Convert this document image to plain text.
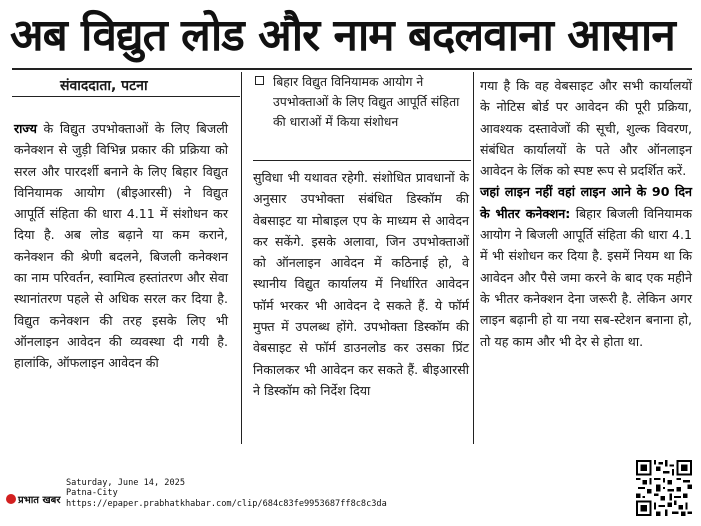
अब विद्युत लोड और नाम बदलवाना आसान
संवाददाता, पटना	बिहार विद्युत विनियामक आयोग ने उपभोक्ताओं के लिए विद्युत आपूर्ति संहिता की धाराओं में किया संशोधन

राज्य के विद्युत उपभोक्ताओं के लिए बिजली कनेक्शन से जुड़ी विभिन्न प्रकार की प्रक्रिया को सरल और पारदर्शी बनाने के लिए बिहार विद्युत विनियामक आयोग (बीइआरसी) ने विद्युत आपूर्ति संहिता की धारा 4.11 में संशोधन कर दिया है. अब लोड बढ़ाने या कम कराने, कनेक्शन की श्रेणी बदलने, बिजली कनेक्शन का नाम परिवर्तन, स्वामित्व हस्तांतरण और सेवा स्थानांतरण पहले से अधिक सरल कर दिया है. विद्युत कनेक्शन की तरह इसके लिए भी ऑनलाइन आवेदन की व्यवस्था दी गयी है. हालांकि, ऑफलाइन आवेदन की

सुविधा भी यथावत रहेगी. संशोधित प्रावधानों के अनुसार उपभोक्ता संबंधित डिस्कॉम की वेबसाइट या मोबाइल एप के माध्यम से आवेदन कर सकेंगे. इसके अलावा, जिन उपभोक्ताओं को ऑनलाइन आवेदन में कठिनाई हो, वे स्थानीय विद्युत कार्यालय में निर्धारित आवेदन फॉर्म भरकर भी आवेदन दे सकते हैं. ये फॉर्म मुफ्त में उपलब्ध होंगे. उपभोक्ता डिस्कॉम की वेबसाइट से फॉर्म डाउनलोड कर उसका प्रिंट निकालकर भी आवेदन कर सकते हैं. बीइआरसी ने डिस्कॉम को निर्देश दिया

गया है कि वह वेबसाइट और सभी कार्यालयों के नोटिस बोर्ड पर आवेदन की पूरी प्रक्रिया, आवश्यक दस्तावेजों की सूची, शुल्क विवरण, संबंधित कार्यालयों के पते और ऑनलाइन आवेदन के लिंक को स्पष्ट रूप से प्रदर्शित करें.

जहां लाइन नहीं वहां लाइन आने के 90 दिन के भीतर कनेक्शन: बिहार बिजली विनियामक आयोग ने बिजली आपूर्ति संहिता की धारा 4.1 में भी संशोधन कर दिया है. इसमें नियम था कि आवेदन और पैसे जमा करने के बाद एक महीने के भीतर कनेक्शन देना जरूरी है. लेकिन अगर लाइन बढ़ानी हो या नया सब-स्टेशन बनाना हो, तो यह काम और भी देर से होता था.

प्रभात खबर
Saturday, June 14, 2025
Patna-City
https://epaper.prabhatkhabar.com/clip/684c83fe9953687ff8c8c3da
